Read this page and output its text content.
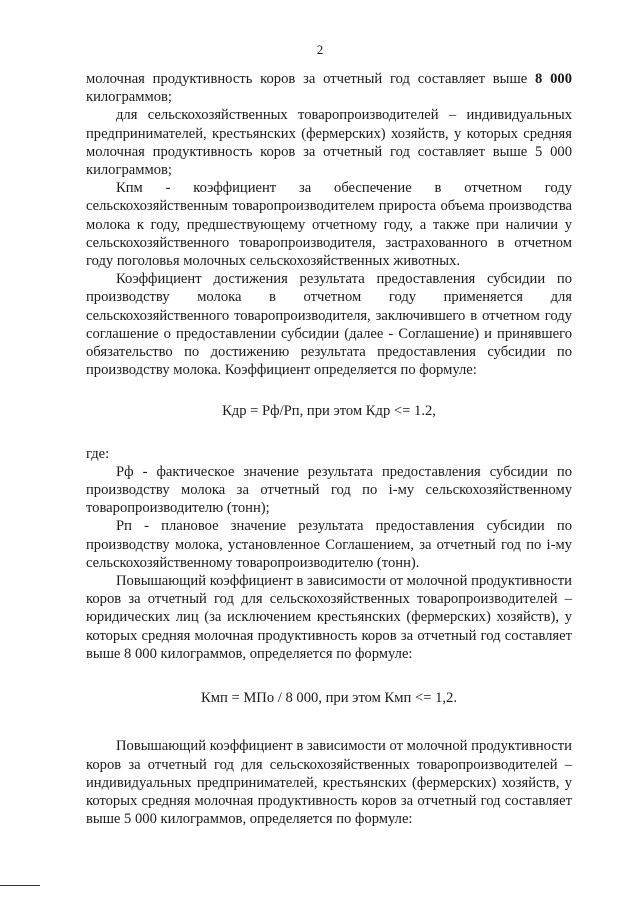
2

молочная продуктивность коров за отчетный год составляет выше 8 000 килограммов;

для сельскохозяйственных товаропроизводителей – индивидуальных предпринимателей, крестьянских (фермерских) хозяйств, у которых средняя молочная продуктивность коров за отчетный год составляет выше 5 000 килограммов;

Кпм - коэффициент за обеспечение в отчетном году сельскохозяйственным товаропроизводителем прироста объема производства молока к году, предшествующему отчетному году, а также при наличии у сельскохозяйственного товаропроизводителя, застрахованного в отчетном году поголовья молочных сельскохозяйственных животных.

Коэффициент достижения результата предоставления субсидии по производству молока в отчетном году применяется для сельскохозяйственного товаропроизводителя, заключившего в отчетном году соглашение о предоставлении субсидии (далее - Соглашение) и принявшего обязательство по достижению результата предоставления субсидии по производству молока. Коэффициент определяется по формуле:

Кдр = Рф/Рп, при этом Кдр <= 1.2,

где:

Рф - фактическое значение результата предоставления субсидии по производству молока за отчетный год по i-му сельскохозяйственному товаропроизводителю (тонн);

Рп - плановое значение результата предоставления субсидии по производству молока, установленное Соглашением, за отчетный год по i-му сельскохозяйственному товаропроизводителю (тонн).

Повышающий коэффициент в зависимости от молочной продуктивности коров за отчетный год для сельскохозяйственных товаропроизводителей – юридических лиц (за исключением крестьянских (фермерских) хозяйств), у которых средняя молочная продуктивность коров за отчетный год составляет выше 8 000 килограммов, определяется по формуле:

Кмп = МПо / 8 000, при этом Кмп <= 1,2.

Повышающий коэффициент в зависимости от молочной продуктивности коров за отчетный год для сельскохозяйственных товаропроизводителей – индивидуальных предпринимателей, крестьянских (фермерских) хозяйств, у которых средняя молочная продуктивность коров за отчетный год составляет выше 5 000 килограммов, определяется по формуле:
